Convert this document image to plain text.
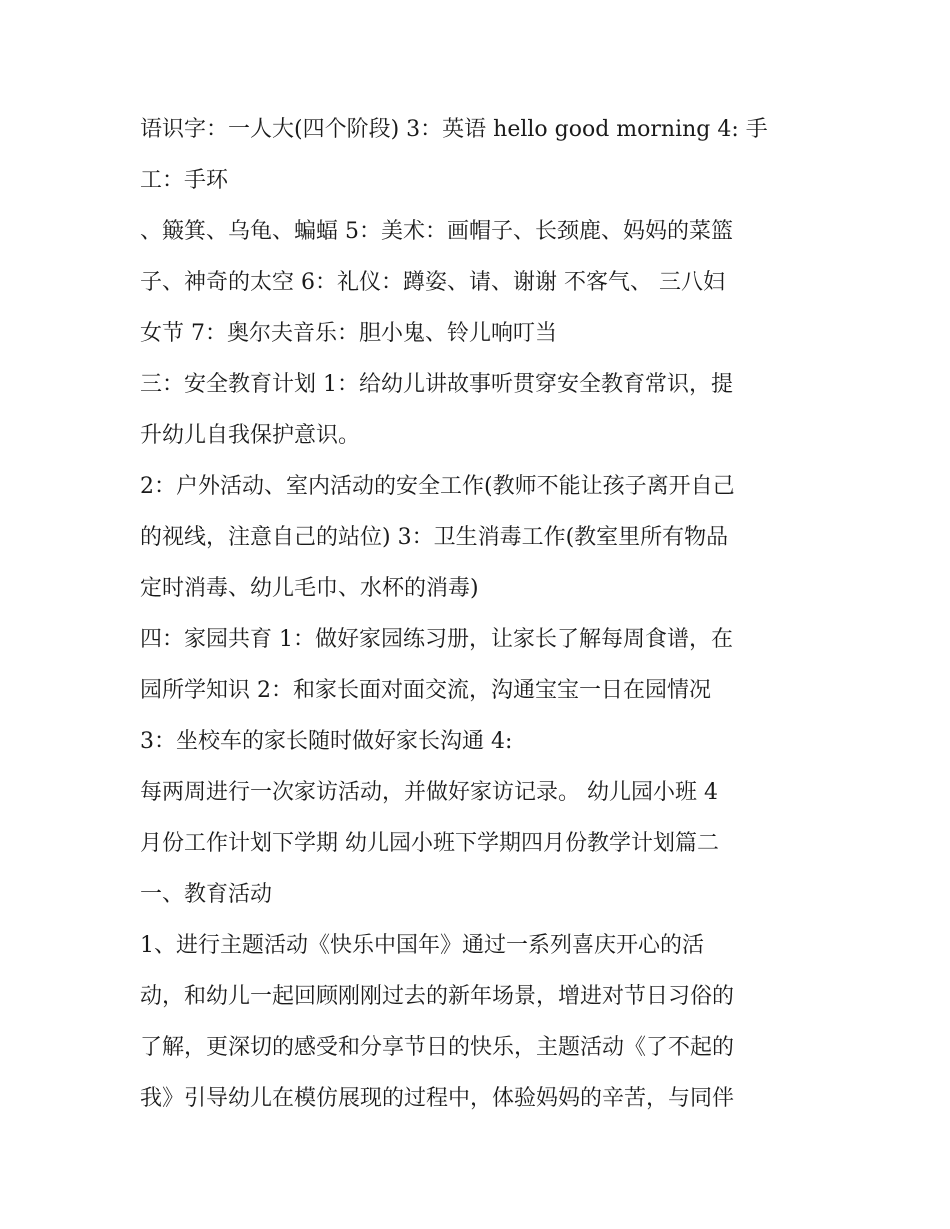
语识字：一人大(四个阶段) 3：英语 hello good morning 4: 手
工：手环
、簸箕、乌龟、蝙蝠 5：美术：画帽子、长颈鹿、妈妈的菜篮
子、神奇的太空 6：礼仪：蹲姿、请、谢谢 不客气、 三八妇
女节 7：奥尔夫音乐：胆小鬼、铃儿响叮当
三：安全教育计划 1：给幼儿讲故事听贯穿安全教育常识，提
升幼儿自我保护意识。
2：户外活动、室内活动的安全工作(教师不能让孩子离开自己
的视线，注意自己的站位) 3：卫生消毒工作(教室里所有物品
定时消毒、幼儿毛巾、水杯的消毒)
四：家园共育 1：做好家园练习册，让家长了解每周食谱，在
园所学知识 2：和家长面对面交流，沟通宝宝一日在园情况
3：坐校车的家长随时做好家长沟通 4:
每两周进行一次家访活动，并做好家访记录。 幼儿园小班 4
月份工作计划下学期 幼儿园小班下学期四月份教学计划篇二
一、教育活动
1、进行主题活动《快乐中国年》通过一系列喜庆开心的活
动，和幼儿一起回顾刚刚过去的新年场景，增进对节日习俗的
了解，更深切的感受和分享节日的快乐，主题活动《了不起的
我》引导幼儿在模仿展现的过程中，体验妈妈的辛苦，与同伴
